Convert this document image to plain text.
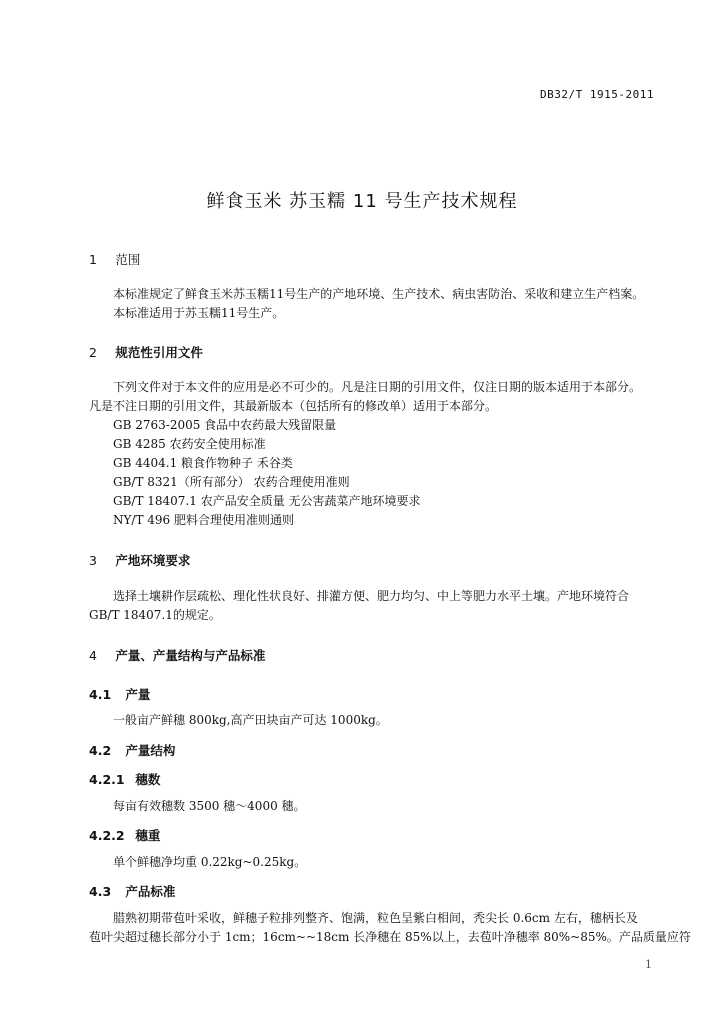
DB32/T 1915-2011
鲜食玉米 苏玉糯 11 号生产技术规程
1 范围
本标准规定了鲜食玉米苏玉糯11号生产的产地环境、生产技术、病虫害防治、采收和建立生产档案。
本标准适用于苏玉糯11号生产。
2 规范性引用文件
下列文件对于本文件的应用是必不可少的。凡是注日期的引用文件，仅注日期的版本适用于本部分。
凡是不注日期的引用文件，其最新版本（包括所有的修改单）适用于本部分。
GB 2763-2005 食品中农药最大残留限量
GB 4285 农药安全使用标准
GB 4404.1 粮食作物种子 禾谷类
GB/T 8321（所有部分） 农药合理使用准则
GB/T 18407.1 农产品安全质量 无公害蔬菜产地环境要求
NY/T 496 肥料合理使用准则通则
3 产地环境要求
选择土壤耕作层疏松、理化性状良好、排灌方便、肥力均匀、中上等肥力水平土壤。产地环境符合
GB/T 18407.1的规定。
4 产量、产量结构与产品标准
4.1 产量
一般亩产鲜穗 800kg,高产田块亩产可达 1000kg。
4.2 产量结构
4.2.1 穗数
每亩有效穗数 3500 穗～4000 穗。
4.2.2 穗重
单个鲜穗净均重 0.22kg~0.25kg。
4.3 产品标准
腊熟初期带苞叶采收，鲜穗子粒排列整齐、饱满，粒色呈紫白相间，秃尖长 0.6cm 左右，穗柄长及
苞叶尖超过穗长部分小于 1cm；16cm~~18cm 长净穗在 85%以上，去苞叶净穗率 80%~85%。产品质量应符
1
